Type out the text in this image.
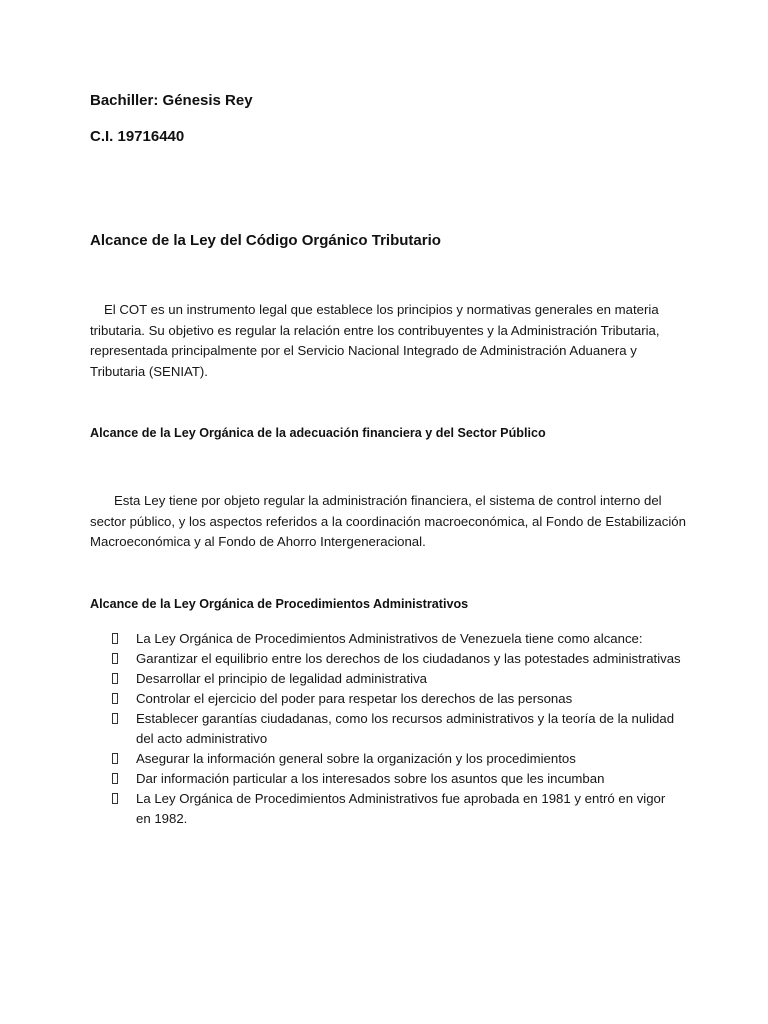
Bachiller: Génesis Rey
C.I. 19716440
Alcance de la Ley del Código Orgánico Tributario
El COT es un instrumento legal que establece los principios y normativas generales en materia tributaria. Su objetivo es regular la relación entre los contribuyentes y la Administración Tributaria, representada principalmente por el Servicio Nacional Integrado de Administración Aduanera y Tributaria (SENIAT).
Alcance de la Ley Orgánica de la adecuación financiera y del Sector Público
Esta Ley tiene por objeto regular la administración financiera, el sistema de control interno del sector público, y los aspectos referidos a la coordinación macroeconómica, al Fondo de Estabilización Macroeconómica y al Fondo de Ahorro Intergeneracional.
Alcance de la Ley Orgánica de Procedimientos Administrativos
La Ley Orgánica de Procedimientos Administrativos de Venezuela tiene como alcance:
Garantizar el equilibrio entre los derechos de los ciudadanos y las potestades administrativas
Desarrollar el principio de legalidad administrativa
Controlar el ejercicio del poder para respetar los derechos de las personas
Establecer garantías ciudadanas, como los recursos administrativos y la teoría de la nulidad del acto administrativo
Asegurar la información general sobre la organización y los procedimientos
Dar información particular a los interesados sobre los asuntos que les incumban
La Ley Orgánica de Procedimientos Administrativos fue aprobada en 1981 y entró en vigor en 1982.
